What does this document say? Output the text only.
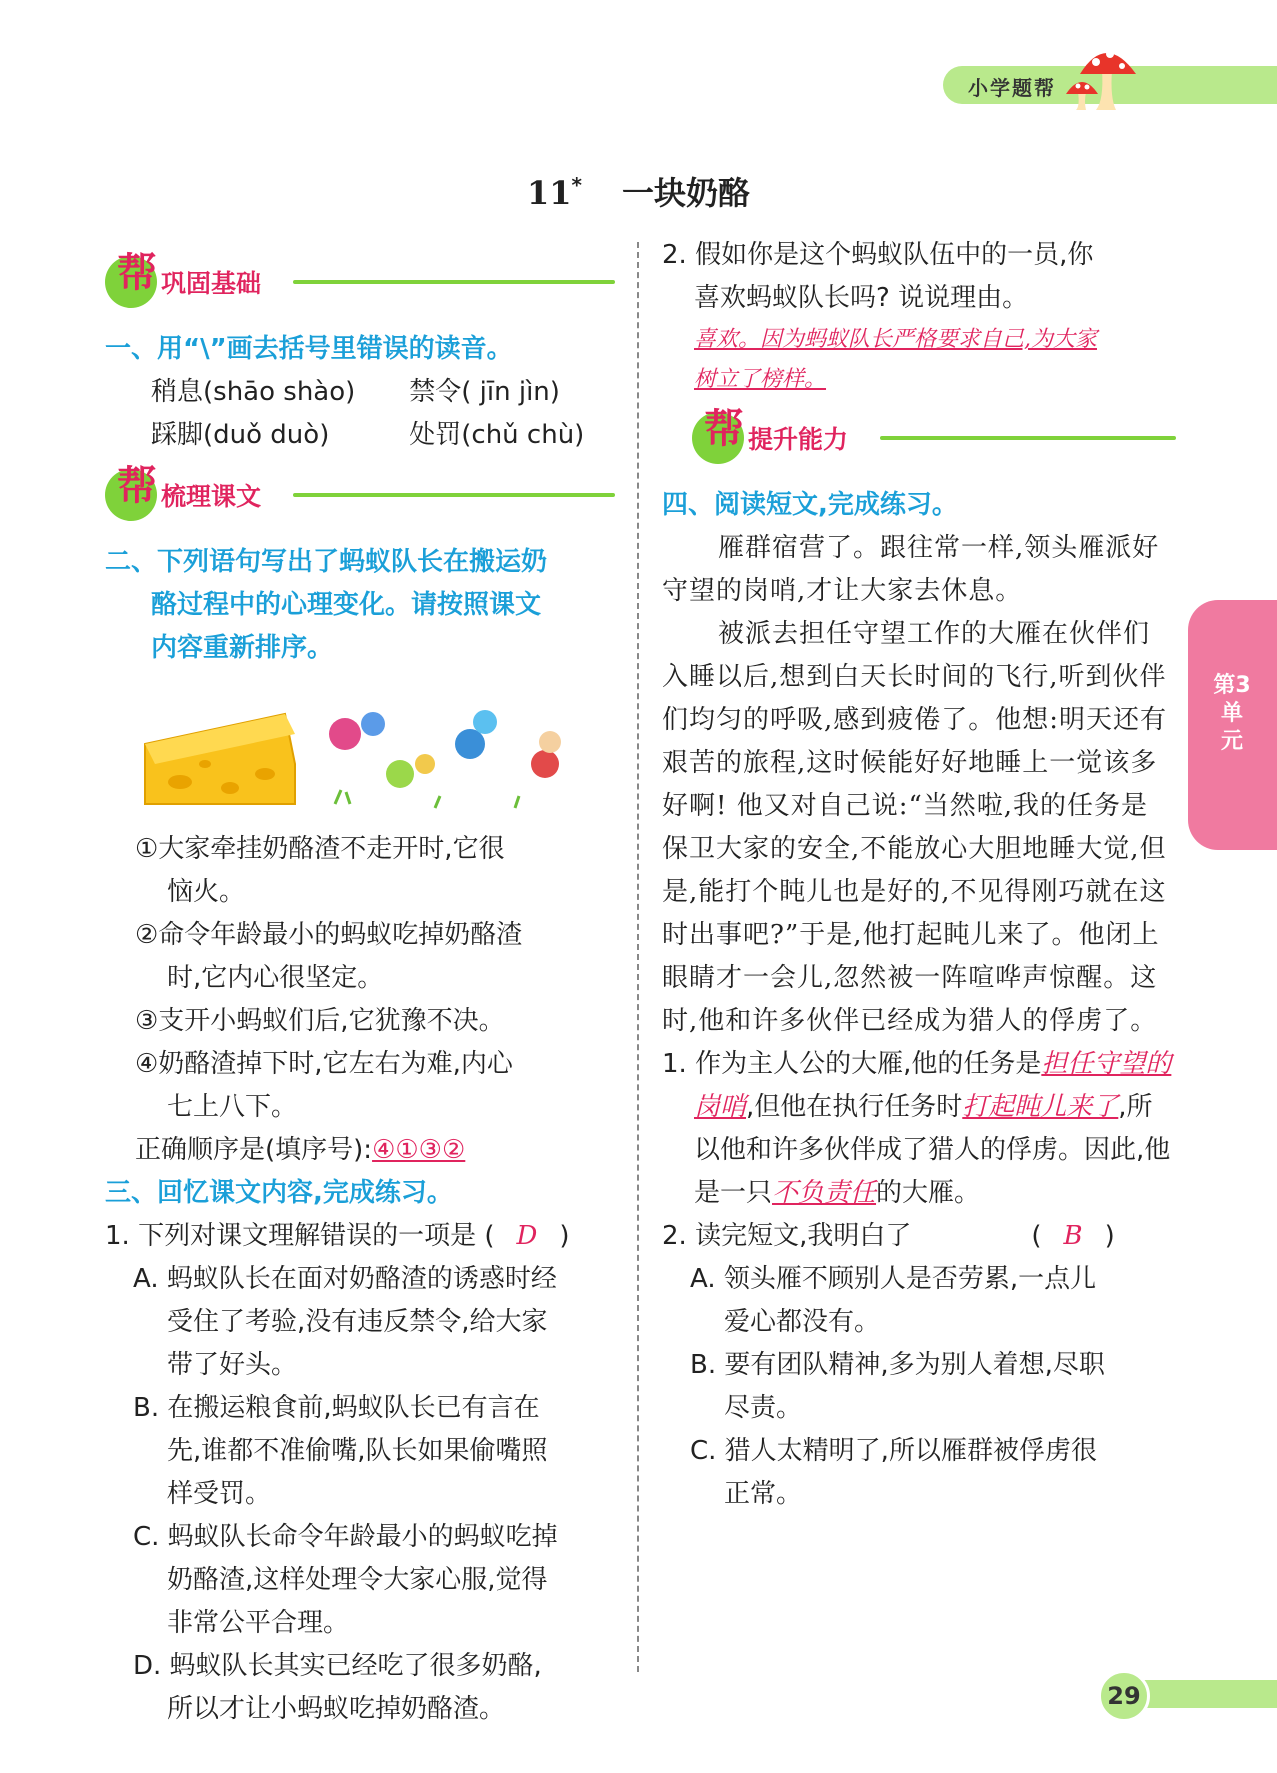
小学题帮
11* 一块奶酪
帮 巩固基础
一、用“\”画去括号里错误的读音。
稍息(shāo shào) 禁令( jīn jìn)
踩脚(duǒ duò)	处罚(chǔ chù)
帮 梳理课文
二、下列语句写出了蚂蚁队长在搬运奶
酪过程中的心理变化。请按照课文
内容重新排序。
①大家牵挂奶酪渣不走开时,它很
恼火。
②命令年龄最小的蚂蚁吃掉奶酪渣
时,它内心很坚定。
③支开小蚂蚁们后,它犹豫不决。
④奶酪渣掉下时,它左右为难,内心
七上八下。
正确顺序是(填序号):④①③②
三、回忆课文内容,完成练习。
1. 下列对课文理解错误的一项是 ( D )
A. 蚂蚁队长在面对奶酪渣的诱惑时经
受住了考验,没有违反禁令,给大家
带了好头。
B. 在搬运粮食前,蚂蚁队长已有言在
先,谁都不准偷嘴,队长如果偷嘴照
样受罚。
C. 蚂蚁队长命令年龄最小的蚂蚁吃掉
奶酪渣,这样处理令大家心服,觉得
非常公平合理。
D. 蚂蚁队长其实已经吃了很多奶酪,
所以才让小蚂蚁吃掉奶酪渣。
2. 假如你是这个蚂蚁队伍中的一员,你
喜欢蚂蚁队长吗? 说说理由。
喜欢。因为蚂蚁队长严格要求自己,为大家
树立了榜样。
帮 提升能力
四、阅读短文,完成练习。
雁群宿营了。跟往常一样,领头雁派好守望的岗哨,才让大家去休息。
被派去担任守望工作的大雁在伙伴们入睡以后,想到白天长时间的飞行,听到伙伴们均匀的呼吸,感到疲倦了。他想:明天还有艰苦的旅程,这时候能好好地睡上一觉该多好啊! 他又对自己说:“当然啦,我的任务是保卫大家的安全,不能放心大胆地睡大觉,但是,能打个盹儿也是好的,不见得刚巧就在这时出事吧?”于是,他打起盹儿来了。他闭上眼睛才一会儿,忽然被一阵喧哗声惊醒。这时,他和许多伙伴已经成为猎人的俘虏了。
1. 作为主人公的大雁,他的任务是担任守望的岗哨,但他在执行任务时打起盹儿来了,所以他和许多伙伴成了猎人的俘虏。因此,他是一只不负责任的大雁。
2. 读完短文,我明白了	( B )
A. 领头雁不顾别人是否劳累,一点儿
爱心都没有。
B. 要有团队精神,多为别人着想,尽职
尽责。
C. 猎人太精明了,所以雁群被俘虏很
正常。
第3单元
29
